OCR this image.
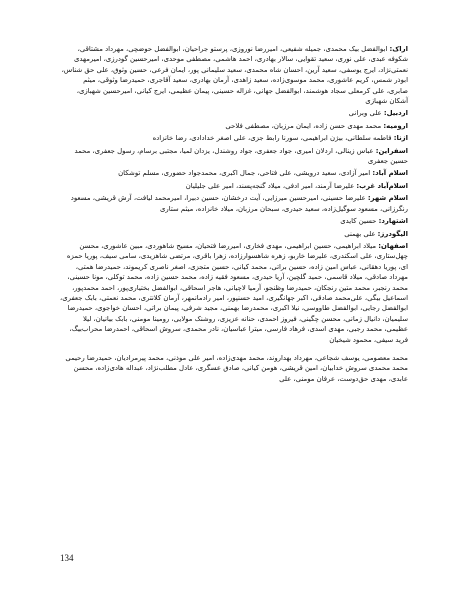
اراک: ابوالفضل بیک محمدی، جمیله شفیعی، امیررضا نوروزی، پرستو جراحیان، ابوالفضل حوضچی، مهرداد مشتاقی، شکوفه عبدی، علی نوری، سعید تقوایی، سالار بهادری، احمد هاشمی، مصطفی موحدی، امیرحسین گودرزی، امیرمهدی نعمتی‌نژاد، ایرج یوسفی، سعید آرین، احسان شاه محمدی، سعید سلیمانی پور، ایمان فرعی، حسین وثوق، علی حق شناس، ابوذر شمس، کریم عاشوری، محمد موسوی‌زاده، سعید زاهدی، آرمان بهادری، سعید آقاجری، حمیدرضا وثوقی، میثم صابری، علی کرمعلی سجاد هوشمند، ابوالفضل جهانی، غزاله حسینی، پیمان عظیمی، ایرج کیانی، امیرحسین شهبازی، آشکان شهبازی

اردبیل: علی وبرانی

ارومیه: محمد مهدی حسن زاده، ایمان مرزبان، مصطفی فلاحی

ازنا: فاطمه سلطانی، بیژن ابراهیمی، سورنا رابط جزی، علی اصغر خدادادی، رضا خانزاده

اسفراین: عباس زینالی، اردلان امیری، جواد جعفری، جواد روشندل، یزدان لمیا، مجتبی برسام، رسول جعفری، محمد حسین جعفری

اسلام آباد: امیر آزادی، سعید درویشی، علی فتاحی، جمال اکبری، محمدجواد حضوری، مسلم توشکان

اسلام‌آباد غرب: علیرضا آرمند، امیر ادفی، میلاد گنجه‌پسند، امیر علی جلیلیان

اسلام شهر: علیرضا حسینی، امیرحسین میرزایی، آیت درخشان، حسین دبیرا، امیرمحمد لیافت، آرش قریشی، مسعود رنگرزانی، مسعود سوگیل‌زاده، سعید حیدری، سبحان مرزبان، میلاد خانزاده، میثم ستاری

اشتهارد: حسین کایدی

الیگودرز: علی بهمنی

اصفهان: میلاد ابراهیمی، حسین ابراهیمی، مهدی فخاری، امیررضا فتحیان، مسیح شاهوردی، مبین عاشوری، محسن چهل‌ستاری، علی اسکندری، علیرضا خاربو، زهره شاهسوارزاده، زهرا باقری، مرتضی شاهزیدی، سامی سیف، پوریا حمزه ای، پوریا دهقانی، عباس امین زاده، حسین براتی، محمد کیانی، حسین متجزی، اصغر ناصری کریموند، حمیدرضا همتی، مهرداد صادقی، میلاد قاسمی، حمید گلچین، آریا حیدری، مسعود فقیه زاده، محمد حسین زاده، محمد توکلی، مونا حسینی، محمد رنجبر، محمد متین رنجکان، حمیدرضا وظنجو، آرمیا لاچیانی، هاجر اسحاقی، ابوالفضل بختیاری‌پور، احمد محمدپور، اسماعیل بیگی، علی‌محمد صادقی، اکبر جهانگیری، امید حسنپور، امیر رادمانمهر، آرمان کلانتری، محمد نعمتی، بابک جعفری، ابوالفضل رجایی، ابوالفضل طاووسی، نیلا اکبری، محمدرضا بهمنی، مجید شرفی، پیمان براتی، احسان خواجوی، حمیدرضا سلیمیان، دانیال زمانی، محسن چگینی، فیروز احمدی، حنانه عزیزی، روشنک مولایی، رومینا مومنی، بابک بیانیان، لیلا عظیمی، محمد رجبی، مهدی اسدی، فرهاد فارسی، میترا عباسیان، نادر محمدی، سروش اسحاقی، احمدرضا محراب‌بیگ، فرید سیفی، محمود شیخیان

محمد معصومی، یوسف شجاعی، مهرداد بهداروند، محمد مهدی‌زاده، امیر علی موذنی، محمد پیرمرادیان، حمیدرضا رحیمی محمد محمدی سروش خدابیان، امین قریشی، هومن کیانی، صادق عسگری، عادل مطلب‌نژاد، عبداله هادی‌زاده، محسن عابدی، مهدی حق‌دوست، عرفان مومنی، علی

134
